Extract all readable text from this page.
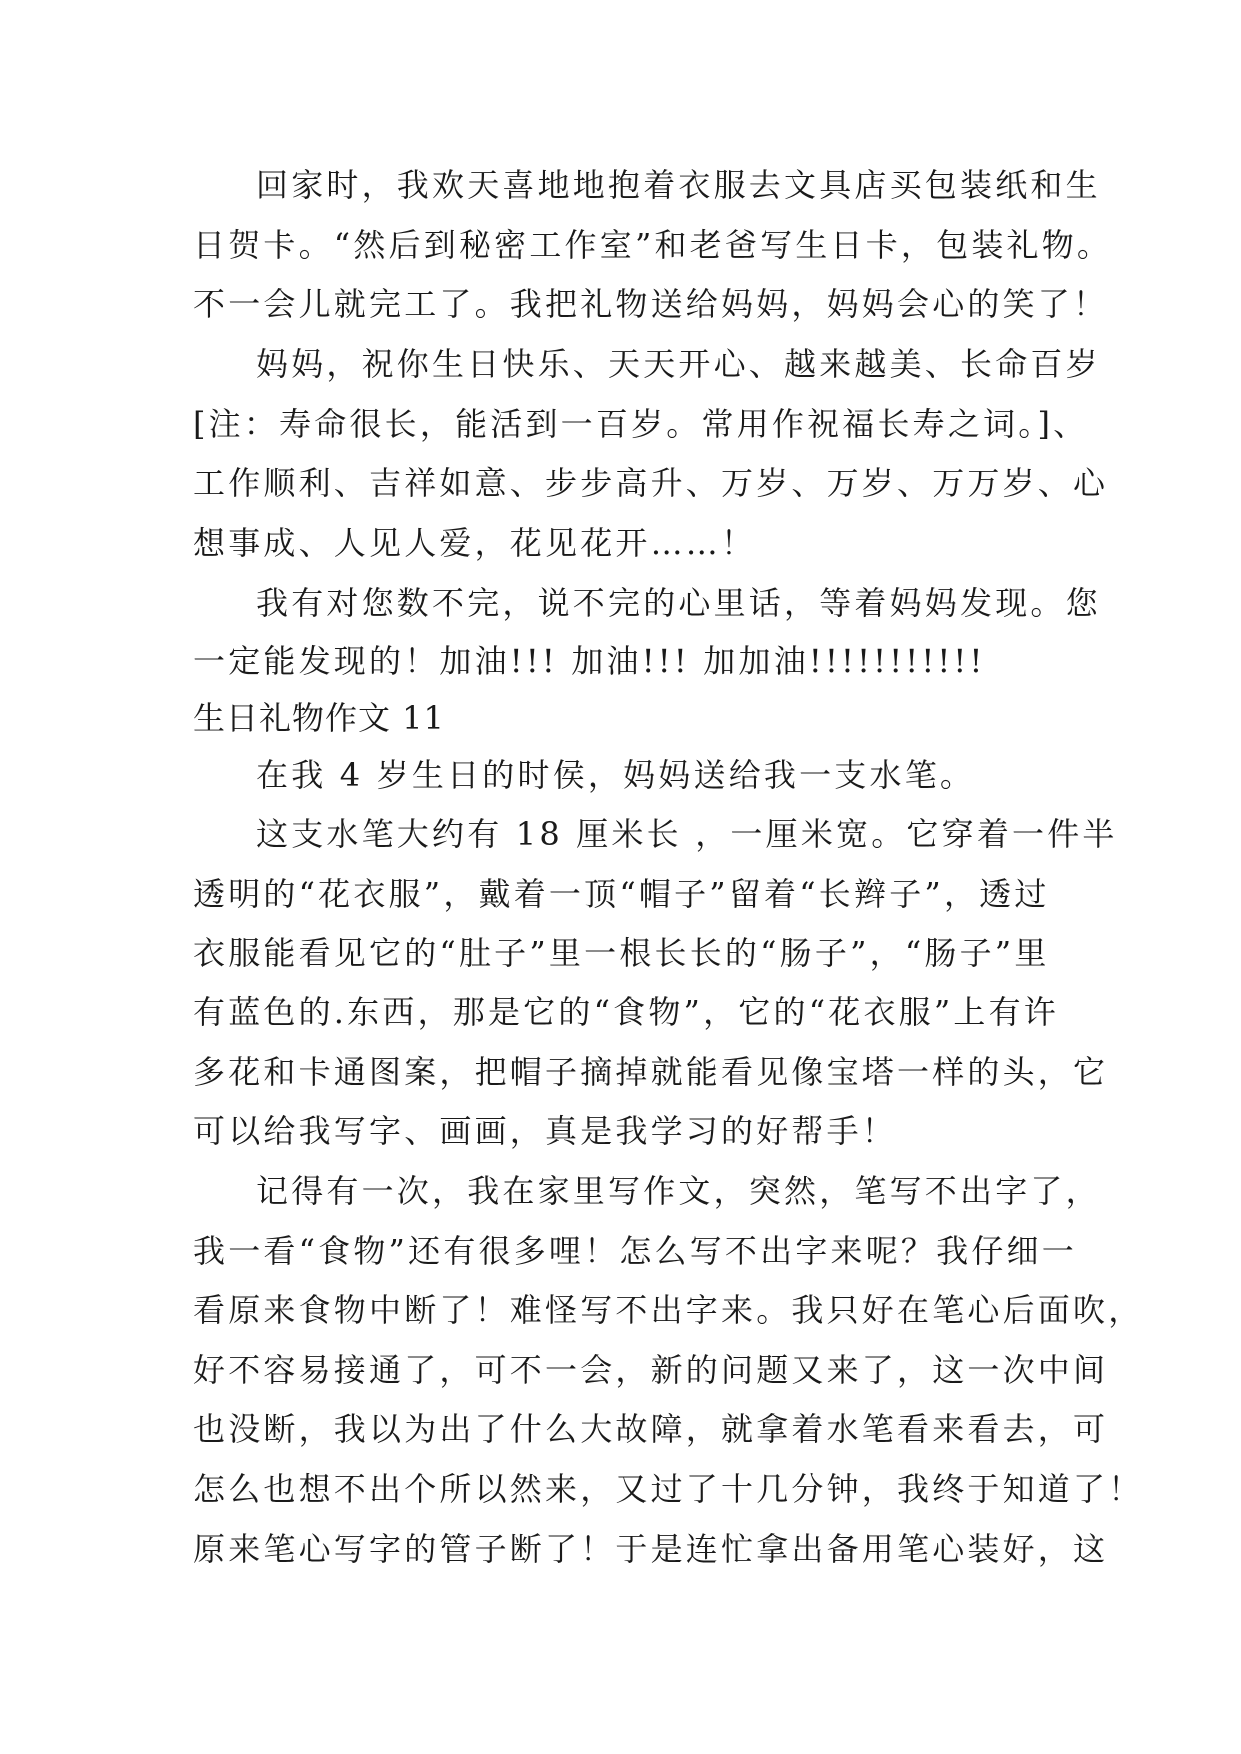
回家时，我欢天喜地地抱着衣服去文具店买包装纸和生
日贺卡。“然后到秘密工作室”和老爸写生日卡，包装礼物。
不一会儿就完工了。我把礼物送给妈妈，妈妈会心的笑了！
妈妈，祝你生日快乐、天天开心、越来越美、长命百岁
[注：寿命很长，能活到一百岁。常用作祝福长寿之词。]、
工作顺利、吉祥如意、步步高升、万岁、万岁、万万岁、心
想事成、人见人爱，花见花开……！
我有对您数不完，说不完的心里话，等着妈妈发现。您
一定能发现的！加油!!! 加油!!! 加加油!!!!!!!!!!!
生日礼物作文 11
在我 4 岁生日的时侯，妈妈送给我一支水笔。
这支水笔大约有 18 厘米长 ，一厘米宽。它穿着一件半
透明的“花衣服”，戴着一顶“帽子”留着“长辫子”，透过
衣服能看见它的“肚子”里一根长长的“肠子”，“肠子”里
有蓝色的.东西，那是它的“食物”，它的“花衣服”上有许
多花和卡通图案，把帽子摘掉就能看见像宝塔一样的头，它
可以给我写字、画画，真是我学习的好帮手！
记得有一次，我在家里写作文，突然，笔写不出字了，
我一看“食物”还有很多哩！怎么写不出字来呢？我仔细一
看原来食物中断了！难怪写不出字来。我只好在笔心后面吹，
好不容易接通了，可不一会，新的问题又来了，这一次中间
也没断，我以为出了什么大故障，就拿着水笔看来看去，可
怎么也想不出个所以然来，又过了十几分钟，我终于知道了！
原来笔心写字的管子断了！于是连忙拿出备用笔心装好，这
